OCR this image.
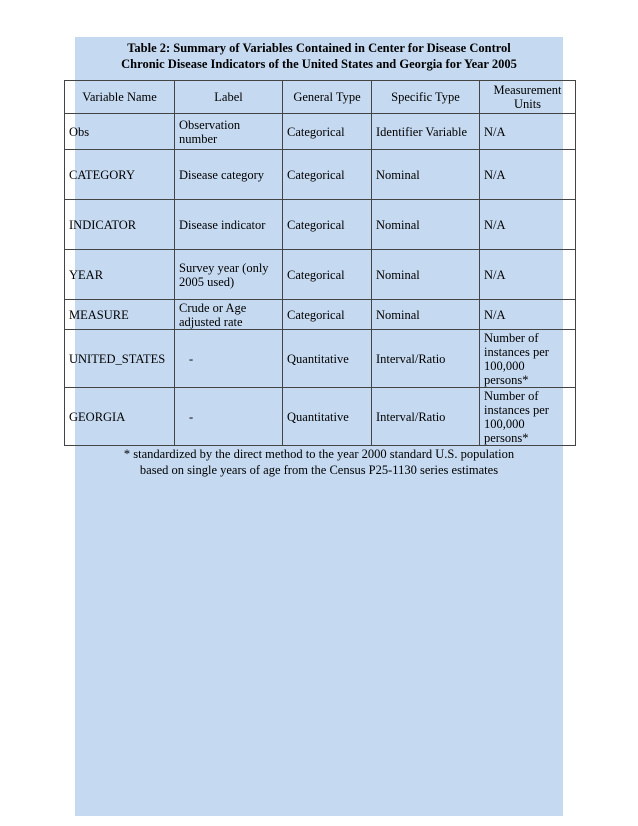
Table 2: Summary of Variables Contained in Center for Disease Control
Chronic Disease Indicators of the United States and Georgia for Year 2005
Variable Name	Label	General Type	Specific Type	Measurement Units
Obs	Observation number	Categorical	Identifier Variable	N/A
CATEGORY	Disease category	Categorical	Nominal	N/A
INDICATOR	Disease indicator	Categorical	Nominal	N/A
YEAR	Survey year (only 2005 used)	Categorical	Nominal	N/A
MEASURE	Crude or Age adjusted rate	Categorical	Nominal	N/A
UNITED_STATES	-	Quantitative	Interval/Ratio	Number of instances per 100,000 persons*
GEORGIA	-	Quantitative	Interval/Ratio	Number of instances per 100,000 persons*
* standardized by the direct method to the year 2000 standard U.S. population
based on single years of age from the Census P25-1130 series estimates
